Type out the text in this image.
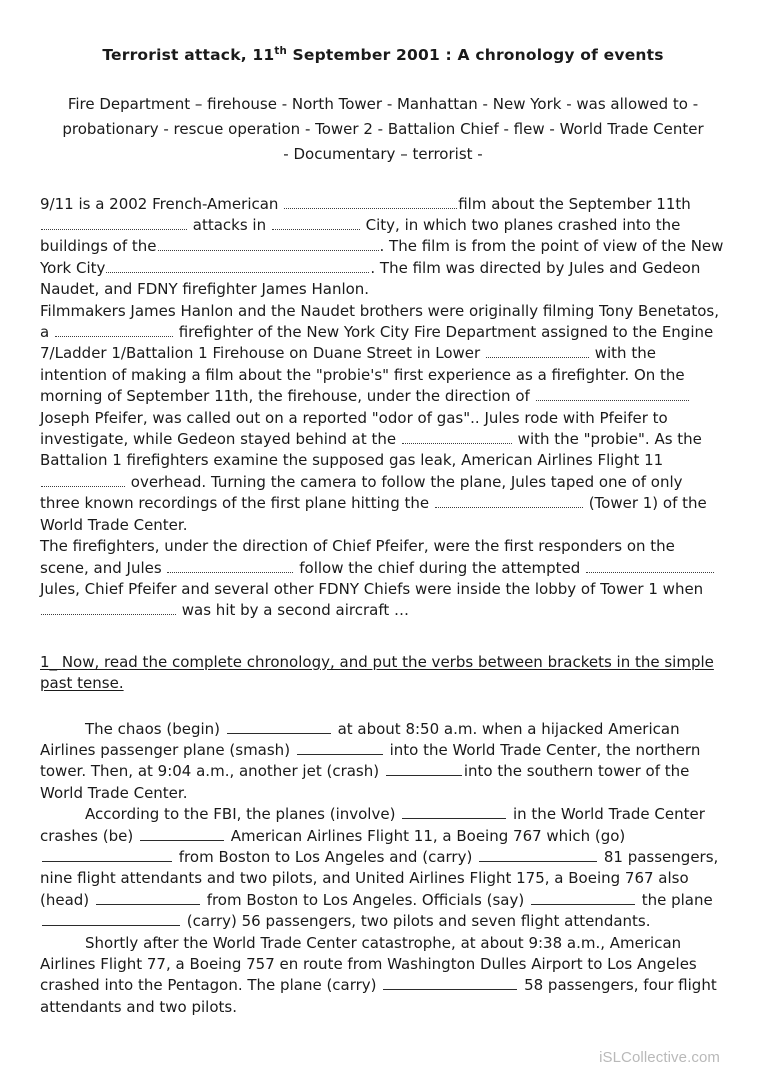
Terrorist attack, 11th September 2001 : A chronology of events

Fire Department – firehouse - North Tower - Manhattan - New York - was allowed to - probationary - rescue operation - Tower 2 - Battalion Chief - flew - World Trade Center - Documentary – terrorist -

9/11 is a 2002 French-American	film about the September 11th  attacks in	City, in which two planes crashed into the buildings of the	. The film is from the point of view of the New York City	. The film was directed by Jules and Gedeon Naudet, and FDNY firefighter James Hanlon.

Filmmakers James Hanlon and the Naudet brothers were originally filming Tony Benetatos, a	firefighter of the New York City Fire Department assigned to the Engine 7/Ladder 1/Battalion 1 Firehouse on Duane Street in Lower	with the intention of making a film about the "probie's" first experience as a firefighter. On the morning of September 11th, the firehouse, under the direction of  Joseph Pfeifer, was called out on a reported "odor of gas".. Jules rode with Pfeifer to investigate, while Gedeon stayed behind at the	with the "probie". As the Battalion 1 firefighters examine the supposed gas leak, American Airlines Flight 11  overhead. Turning the camera to follow the plane, Jules taped one of only three known recordings of the first plane hitting the	(Tower 1) of the World Trade Center.

The firefighters, under the direction of Chief Pfeifer, were the first responders on the scene, and Jules	follow the chief during the attempted

Jules, Chief Pfeifer and several other FDNY Chiefs were inside the lobby of Tower 1 when  was hit by a second aircraft …

1_ Now, read the complete chronology, and put the verbs between brackets in the simple past tense.

The chaos (begin)	at about 8:50 a.m. when a hijacked American Airlines passenger plane (smash)	into the World Trade Center, the northern tower. Then, at 9:04 a.m., another jet (crash)	into the southern tower of the World Trade Center.

According to the FBI, the planes (involve)	in the World Trade Center crashes (be)	American Airlines Flight 11, a Boeing 767 which (go)  from Boston to Los Angeles and (carry)	81 passengers, nine flight attendants and two pilots, and United Airlines Flight 175, a Boeing 767 also (head)	from Boston to Los Angeles. Officials (say)	the plane  (carry) 56 passengers, two pilots and seven flight attendants.

Shortly after the World Trade Center catastrophe, at about 9:38 a.m., American Airlines Flight 77, a Boeing 757 en route from Washington Dulles Airport to Los Angeles crashed into the Pentagon. The plane (carry)	58 passengers, four flight attendants and two pilots.

iSLCollective.com
